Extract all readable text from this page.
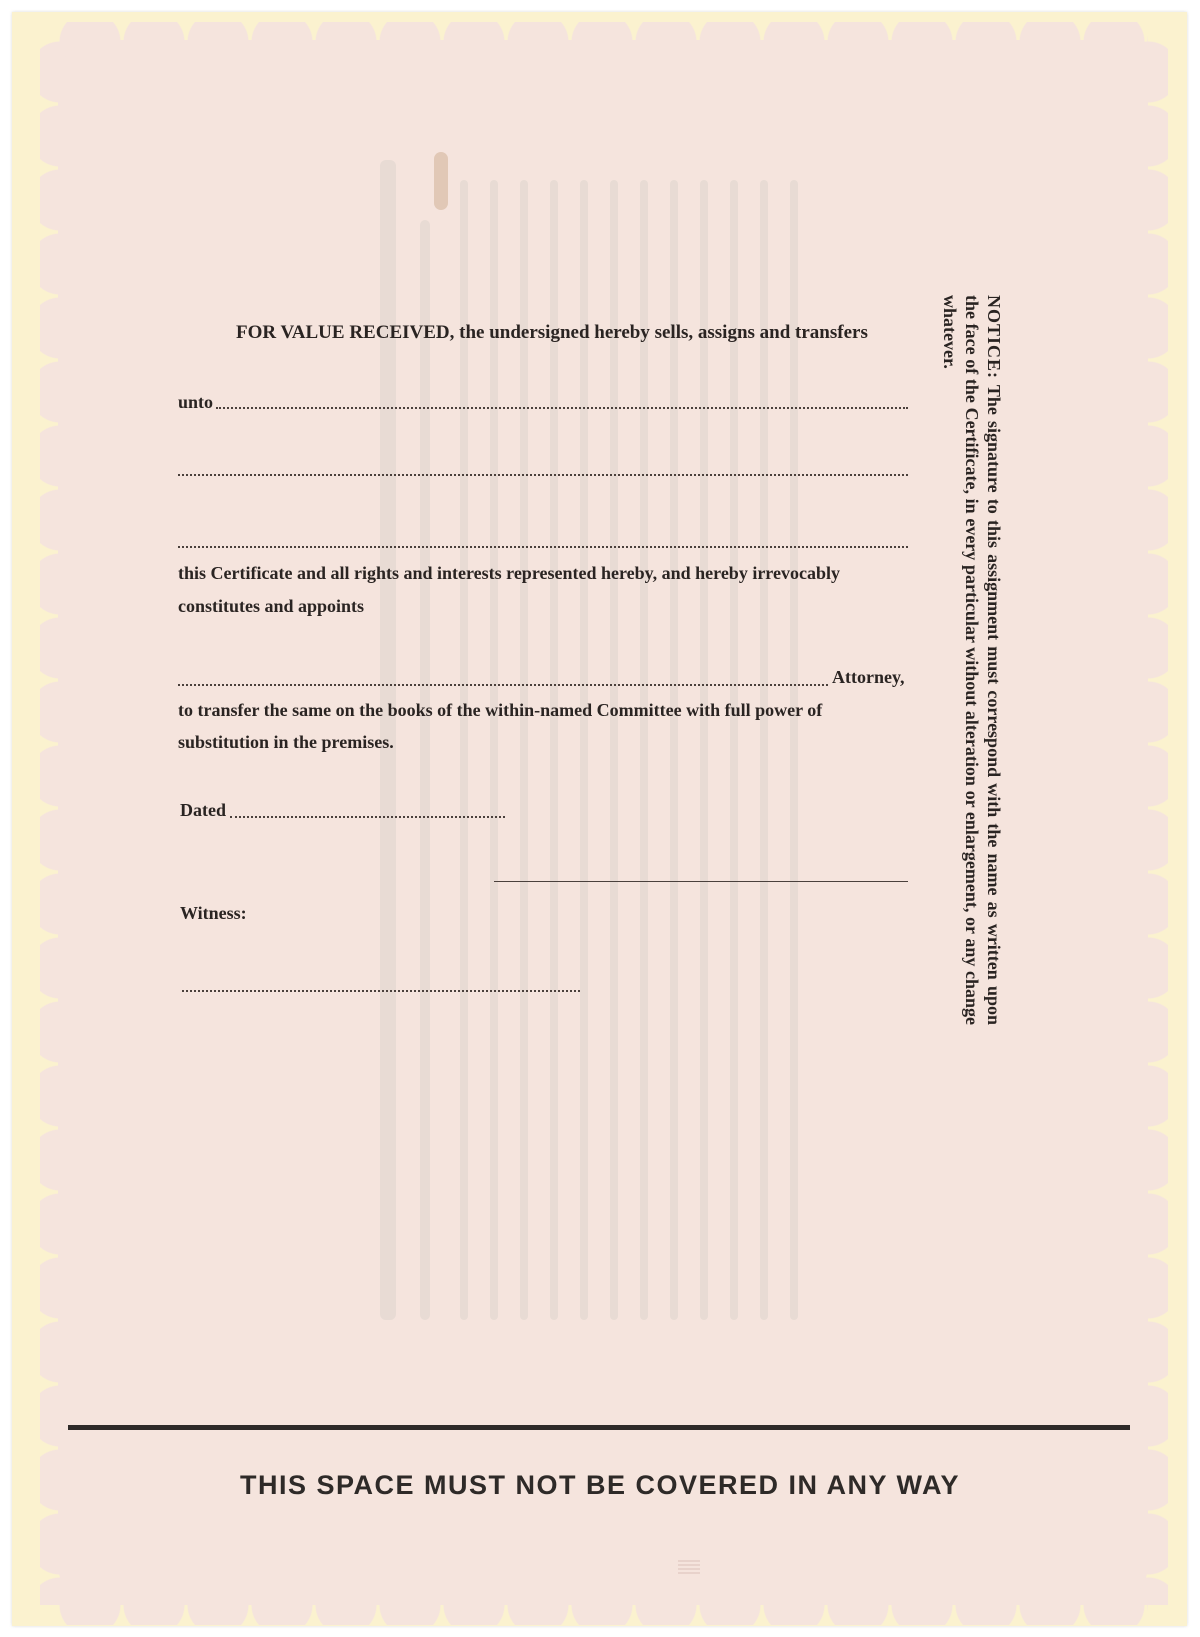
FOR VALUE RECEIVED, the undersigned hereby sells, assigns and transfers
unto
this Certificate and all rights and interests represented hereby, and hereby irrevocably
constitutes and appoints
Attorney,
to transfer the same on the books of the within-named Committee with full power of
substitution in the premises.
Dated
Witness:
NOTICE: The signature to this assignment must correspond with the name as written upon the face of the Certificate, in every particular without alteration or enlargement, or any change whatever.
THIS SPACE MUST NOT BE COVERED IN ANY WAY
